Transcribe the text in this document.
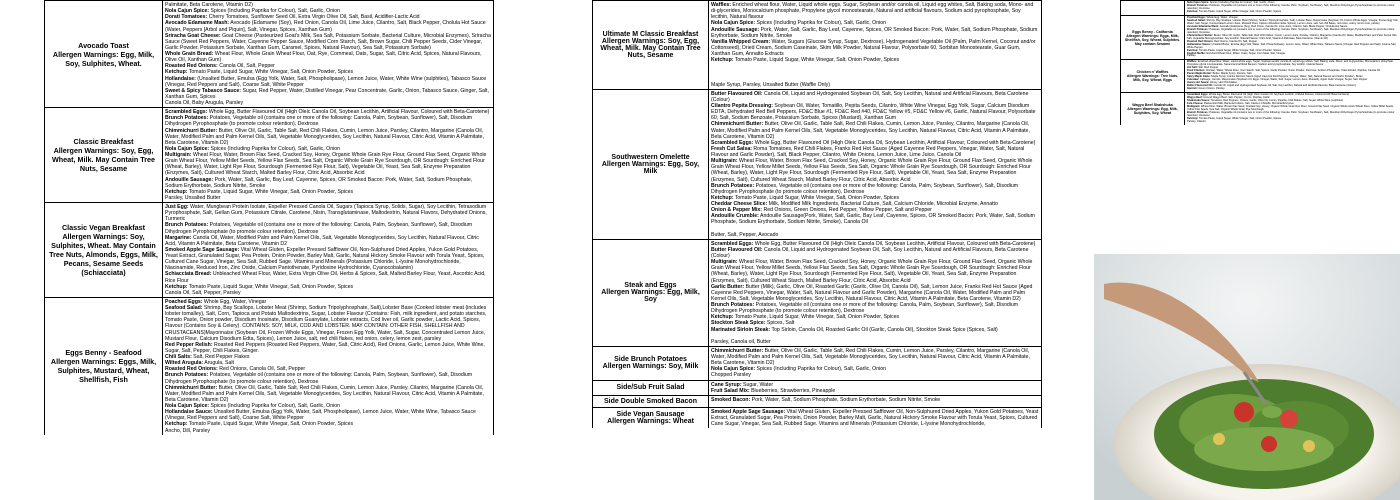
Avocado Toast
Allergen Warnings: Egg, Milk, Soy, Sulphites, Wheat.

Palmitate, Beta Carotene, Vitamin D2)

Nola Cajun Spice: Spices (Including Paprika for Colour), Salt, Garlic, Onion

Dorati Tomatoes: Cherry Tomatoes, Sunflower Seed Oil, Extra Virgin Olive Oil, Salt, Basil, Acidifier-Lactic Acid

Avocado Edamame Mash: Avocado (Edamame (Soy), Red Onion, Canola Oil, Lime Juice, Cilantro, Salt, Black Pepper, Cholula Hot Sauce (Water, Peppers [Arbol and Piquin], Salt, Vinegar, Spices, Xanthan Gum)

Sriracha Goat Cheese: Goat Cheese (Pasteurized Goat's Milk, Sea Salt, Potassium Sorbate, Bacterial Culture, Microbial Enzymes), Sriracha Sauce (Sweet Red Peppers, Water, Cayenne Pepper Sauce, Modified Corn Starch, Salt, Brown Sugar, Chili Pepper Seeds, Cider Vinegar, Garlic Powder, Potassium Sorbate, Xanthan Gum, Caramel, Spices, Natural Flavour), Sea Salt, Potassium Sorbate)

Whole Grain Bread: Wheat Flour, Whole Grain Wheat Flour, Oat, Rye, Cornmeal, Oats, Sugar, Salt, Citric Acid, Spices, Natural Flavours, Olive Oil, Xanthan Gum)

Roasted Red Onions: Canola Oil, Salt, Pepper

Ketchup: Tomato Paste, Liquid Sugar, White Vinegar, Salt, Onion Powder, Spices

Hollandaise: (Unsalted Butter, Emulsa (Egg Yolk, Water, Salt, Phospholipase), Lemon Juice, Water, White Wine (sulphites), Tabasco Sauce (Vinegar, Red Peppers and Salt), Coarse Salt, White Pepper

Sweet & Spicy Tabasco Sauce: Sugar, Red Pepper, Water, Distilled Vinegar, Pear Concentrate, Garlic, Onion, Tabasco Sauce, Ginger, Salt, Xanthan Gum, Spices

Canola Oil, Baby Arugula, Parsley

Classic Breakfast
Allergen Warnings: Soy, Egg, Wheat, Milk. May Contain Tree Nuts, Sesame

Scrambled Eggs: Whole Egg, Butter Flavoured Oil (High Oleic Canola Oil, Soybean Lecithin, Artificial Flavour, Coloured with Beta-Carotene)

Brunch Potatoes: Potatoes, Vegetable oil (contains one or more of the following: Canola, Palm, Soybean, Sunflower), Salt, Disodium Dihydrogen Pyrophosphate (to promote colour retention), Dextrose

Chimmichurri Butter: Butter, Olive Oil, Garlic, Table Salt, Red Chili Flakes, Cumin, Lemon Juice, Parsley, Cilantro, Margarine (Canola Oil, Water, Modified Palm and Palm Kernel Oils, Salt, Vegetable Monoglycerides, Soy Lecithin, Natural Flavour, Citric Acid, Vitamin A Palmitate, Beta Carotene, Vitamin D2)

Nola Cajun Spice: Spices (Including Paprika for Colour), Salt, Garlic, Onion

Multigrain: Wheat Flour, Water, Brown Flax Seed, Cracked Soy, Honey, Organic Whole Grain Rye Flour, Ground Flax Seed, Organic Whole Grain Wheat Flour, Yellow Millet Seeds, Yellow Flax Seeds, Sea Salt, Organic Whole Grain Rye Sourdough, OR Sourdough: Enriched Flour (Wheat, Barley), Water, Light Rye Flour, Sourdough (Fermented Rye Flour, Salt), Vegetable Oil, Yeast, Sea Salt, Enzyme Preparation (Enzymes, Salt), Cultured Wheat Starch, Malted Barley Flour, Citric Acid, Absorbic Acid

Andouille Sausage: Pork, Water, Salt, Garlic, Bay Leaf, Cayenne, Spices, OR Smoked Bacon: Pork, Water, Salt, Sodium Phosphate, Sodium Erythorbate, Sodium Nitrite, Smoke

Ketchup: Tomato Paste, Liquid Sugar, White Vinegar, Salt, Onion Powder, Spices

Parsley, Unsalted Butter

Classic Vegan Breakfast
Allergen Warnings: Soy, Sulphites, Wheat. May Contain Tree Nuts, Almonds, Eggs, Milk, Pecans, Sesame Seeds (Schiacciata)

Just Egg: Water, Mungbean Protein Isolate, Expeller Pressed Canola Oil, Sugars (Tapioca Syrup, Solids, Sugar), Soy Lecithin, Tetrasodium Pyrophosphate, Salt, Gellan Gum, Potassium Citrate, Carotene, Nisin, Transglutaminase, Maltodextrin, Natural Flavors, Dehydrated Onions, Turmeric

Brunch Potatoes: Potatoes, Vegetable oil (contains one or more of the following: Canola, Palm, Soybean, Sunflower), Salt, Disodium Dihydrogen Pyrophosphate (to promote colour retention), Dextrose

Margarine: Canola Oil, Water, Modified Palm and Palm Kernel Oils, Salt, Vegetable Monoglycerides, Soy Lecithin, Natural Flavour, Citric Acid, Vitamin A Palmitate, Beta Carotene, Vitamin D2

Smoked Apple Sage Sausage: Vital Wheat Gluten, Expeller Pressed Safflower Oil, Non-Sulphured Dried Apples, Yukon Gold Potatoes, Yeast Extract, Granulated Sugar, Pea Protein, Onion Powder, Barley Malt, Garlic, Natural Hickory Smoke Flavour with Torula Yeast, Spices, Cultured Cane Sugar, Vinegar, Sea Salt, Rubbed Sage. Vitamins and Minerals (Potassium Chloride, L-lysine Monohydrochloride, Niacinamide, Reduced Iron, Zinc Oxide, Calcium Pantothenate, Pyridoxine Hydrochloride, Cyanocobalamin)

Schiacciata Bread: Unbleached Wheat Flour, Water, Extra Virgin Olive Oil, Herbs & Spices, Salt, Malted Barley Flour, Yeast, Ascorbic Acid, Rice Flour

Ketchup: Tomato Paste, Liquid Sugar, White Vinegar, Salt, Onion Powder, Spices

Canola Oil, Salt, Pepper, Parsley

Eggs Benny - Seafood
Allergen Warnings: Eggs, Milk, Sulphites, Mustard, Wheat, Shellfish, Fish

Poached Eggs: Whole Egg, Water, Vinegar

Seafood Salad: Shrimp, Bay Scallops, Lobster Meat (Shrimp, Sodium Tripolyphosphate, Salt),Lobster Base (Cooked lobster meat (includes lobster tomalley), Salt, Corn, Tapioca and Potato Maltodextrins, Sugar, Lobster Flavour (Contains: Fish, milk ingredient, and potato starches, Tomato Paste, Onion powder, Disodium Inosinate, Disodium Guanylate, Lobster extracts, Cod liver oil, Garlic powder, Lactic Acid, Spices, Flavour (Contains Soy & Celery). CONTAINS: SOY, MILK, COD AND LOBSTER. MAY CONTAIN: OTHER FISH, SHELLFISH AND CRUSTACEANS)Mayonnaise (Soybean Oil, Frozen Whole Eggs, Vinegar, Frozen Egg Yolk, Water, Salt, Sugar, Concentrated Lemon Juice, Mustard Flour, Calcium Disodium Edta, Spices), Lemon Juice, salt, red chili flakes, red onion, celery, lemon zest, parsley

Red Pepper Relish: Roasted Red Peppers (Roasted Red Peppers, Water, Salt, Citric Acid), Red Onions, Garlic, Lemon Juice, White Wine, Sugar, Salt, Pepper, Chili Flakes, Ginger.

Chili Salts: Salt, Red Pepper Flakes

Wilted Arugula: Arugula, Salt

Roasted Red Onions: Red Onions, Canola Oil, Salt, Pepper

Brunch Potatoes: Potatoes, Vegetable oil (contains one or more of the following: Canola, Palm, Soybean, Sunflower), Salt, Disodium Dihydrogen Pyrophosphate (to promote colour retention), Dextrose

Chimmichurri Butter: Butter, Olive Oil, Garlic, Table Salt, Red Chili Flakes, Cumin, Lemon Juice, Parsley, Cilantro, Margarine (Canola Oil, Water, Modified Palm and Palm Kernel Oils, Salt, Vegetable Monoglycerides, Soy Lecithin, Natural Flavour, Citric Acid, Vitamin A Palmitate, Beta Carotene, Vitamin D2)

Nola Cajun Spice: Spices (Including Paprika for Colour), Salt, Garlic, Onion

Hollandaise Sauce: Unsalted Butter, Emulsa (Egg Yolk, Water, Salt, Phospholipase), Lemon Juice, Water, White Wine, Tabasco Sauce (Vinegar, Red Peppers and Salt), Coarse Salt, White Pepper

Ketchup: Tomato Paste, Liquid Sugar, White Vinegar, Salt, Onion Powder, Spices

Ancho, Dill, Parsley

Ultimate M Classic Breakfast
Allergen Warnings: Soy, Egg, Wheat, Milk. May Contain Tree Nuts, Sesame

Waffles: Enriched wheat flour, Water, Liquid whole eggs, Sugar, Soybean and/or canola oil, Liquid egg whites, Salt, Baking soda, Mono- and di-glycerides, Monocalcium phosphate, Propylene glycol monostearate, Natural and artificial flavours, Sodium acid pyrophosphate, Soy lecithin, Natural flavour

Nola Cajun Spice: Spices (Including Paprika for Colour), Salt, Garlic, Onion

Andouille Sausage: Pork, Water, Salt, Garlic, Bay Leaf, Cayenne, Spices, OR Smoked Bacon: Pork, Water, Salt, Sodium Phosphate, Sodium Erythorbate, Sodium Nitrite, Smoke

Vanilla Whipped Cream: Water, Sugars (Glucose Syrup, Sugar, Dextrose), Hydrogenated Vegetable Oil (Palm, Palm Kernel, Coconut and/or Cottonseed), Dried Cream, Sodium Caseinate, Skim Milk Powder, Natural Flavour, Polysorbate 60, Sorbitan Monostearate, Guar Gum, Xanthan Gum, Annatto Extracts

Ketchup: Tomato Paste, Liquid Sugar, White Vinegar, Salt, Onion Powder, Spices

Maple Syrup, Parsley, Unsalted Butter (Waffle Only)

Southwestern Omelette
Allergen Warnings: Egg, Soy, Milk

Butter Flavoured Oil: Canola Oil, Liquid and Hydrogenated Soybean Oil, Salt, Soy Lecithin, Natural and Artificial Flavours, Beta Carotene (Colour)

Cilantro Pepita Dressing: Soybean Oil, Water, Tomatillo, Pepita Seeds, Cilantro, White Wine Vinegar, Egg Yolk, Sugar, Calcium Disodium EDTA, Dehydrated Red Bell Peppers, FD&C Blue #1, FD&C Red #40, FD&C Yellow #5, FD&C Yellow #6, Garlic, Natural Flavour, Polysorbate 60, Salt, Sodium Benzoate, Potassium Sorbate, Spices (Mustard), Xanthan Gum

Chimmichurri Butter: Butter, Olive Oil, Garlic, Table Salt, Red Chili Flakes, Cumin, Lemon Juice, Parsley, Cilantro, Margarine (Canola Oil, Water, Modified Palm and Palm Kernel Oils, Salt, Vegetable Monoglycerides, Soy Lecithin, Natural Flavour, Citric Acid, Vitamin A Palmitate, Beta Carotene, Vitamin D2)

Scrambled Eggs: Whole Egg, Butter Flavoured Oil (High Oleic Canola Oil, Soybean Lecithin, Artificial Flavour, Coloured with Beta-Carotene)

Fresh Cut Salsa: Roma Tomatoes, Red Chili Flakes, Franks Red Hot Sauce (Aged Cayenne Red Peppers, Vinegar, Water, Salt, Natural Flavour and Garlic Powder), Salt, Black Pepper, Cilantro, White Onions, Lemon Juice, Lime Juice, Canola Oil

Multigrain: Wheat Flour, Water, Brown Flax Seed, Cracked Soy, Honey, Organic Whole Grain Rye Flour, Ground Flax Seed, Organic Whole Grain Wheat Flour, Yellow Millet Seeds, Yellow Flax Seeds, Sea Salt, Organic Whole Grain Rye Sourdough, OR Sourdough: Enriched Flour (Wheat, Barley), Water, Light Rye Flour, Sourdough (Fermented Rye Flour, Salt), Vegetable Oil, Yeast, Sea Salt, Enzyme Preparation (Enzymes, Salt), Cultured Wheat Starch, Malted Barley Flour, Citric Acid, Absorbic Acid

Brunch Potatoes: Potatoes, Vegetable oil (contains one or more of the following: Canola, Palm, Soybean, Sunflower), Salt, Disodium Dihydrogen Pyrophosphate (to promote colour retention), Dextrose

Ketchup: Tomato Paste, Liquid Sugar, White Vinegar, Salt, Onion Powder, Spices

Cheddar Cheese Slice: Milk, Modified Milk Ingredients, Bacterial Culture, Salt, Calcium Chloride, Microbial Enzyme, Annatto

Onion & Pepper Mix: Red Onions, Green Onions, Red Pepper, Yellow Pepper, Salt and Pepper

Andouille Crumble: Andouille Sausage(Pork, Water, Salt, Garlic, Bay Leaf, Cayenne, Spices, OR Smoked Bacon: Pork, Water, Salt, Sodium Phosphate, Sodium Erythorbate, Sodium Nitrite, Smoke), Canola Oil

Butter, Salt, Pepper, Avocado

Steak and Eggs
Allergen Warnings: Egg, Milk, Soy

Scrambled Eggs: Whole Egg, Butter Flavoured Oil (High Oleic Canola Oil, Soybean Lecithin, Artificial Flavour, Coloured with Beta-Carotene)

Butter Flavoured Oil: Canola Oil, Liquid and Hydrogenated Soybean Oil, Salt, Soy Lecithin, Natural and Artificial Flavours, Beta Carotene (Colour)

Multigrain: Wheat Flour, Water, Brown Flax Seed, Cracked Soy, Honey, Organic Whole Grain Rye Flour, Ground Flax Seed, Organic Whole Grain Wheat Flour, Yellow Millet Seeds, Yellow Flax Seeds, Sea Salt, Organic Whole Grain Rye Sourdough, OR Sourdough: Enriched Flour (Wheat, Barley), Water, Light Rye Flour, Sourdough (Fermented Rye Flour, Salt), Vegetable Oil, Yeast, Sea Salt, Enzyme Preparation (Enzymes, Salt), Cultured Wheat Starch, Malted Barley Flour, Citric Acid, Absorbic Acid

Garlic Butter: Butter (Milk), Garlic, Olive Oil, Roasted Garlic (Garlic, Olive Oil, Canola Oil), Salt, Lemon Juice, Franks Red Hot Sauce (Aged Cayenne Red Peppers, Vinegar, Water, Salt, Natural Flavour and Garlic Powder), Margarine (Canola Oil, Water, Modified Palm and Palm Kernel Oils, Salt, Vegetable Monoglycerides, Soy Lecithin, Natural Flavour, Citric Acid, Vitamin A Palmitate, Beta Carotene, Vitamin D2)

Brunch Potatoes: Potatoes, Vegetable oil (contains one or more of the following: Canola, Palm, Soybean, Sunflower), Salt, Disodium Dihydrogen Pyrophosphate (to promote colour retention), Dextrose

Ketchup: Tomato Paste, Liquid Sugar, White Vinegar, Salt, Onion Powder, Spices

Stockton Steak Spice: Spices, Salt

Marinated Sirloin Steak: Top Sirloin, Canola Oil, Roasted Garlic Oil (Garlic, Canola Oil), Stockton Steak Spice (Spices, Salt)

Parsley, Canola oil, Butter

Side Brunch Potatoes
Allergen Warnings: Soy, Milk

Chimmichurri Butter: Butter, Olive Oil, Garlic, Table Salt, Red Chili Flakes, Cumin, Lemon Juice, Parsley, Cilantro, Margarine (Canola Oil, Water, Modified Palm and Palm Kernel Oils, Salt, Vegetable Monoglycerides, Soy Lecithin, Natural Flavour, Citric Acid, Vitamin A Palmitate, Beta Carotene, Vitamin D2)

Nola Cajun Spice: Spices (Including Paprika for Colour), Salt, Garlic, Onion

Chopped Parsley

Side/Sub Fruit Salad	Cane Syrup: Sugar, Water

Fruit Salad Mix: Blueberries, Strawberries, Pineapple

Side Double Smoked Bacon	Smoked Bacon: Pork, Water, Salt, Sodium Phosphate, Sodium Erythorbate, Sodium Nitrite, Smoke

Side Vegan Sausage
Allergen Warnings: Wheat

Smoked Apple Sage Sausage: Vital Wheat Gluten, Expeller Pressed Safflower Oil, Non-Sulphured Dried Apples, Yukon Gold Potatoes, Yeast Extract, Granulated Sugar, Pea Protein, Onion Powder, Barley Malt, Garlic, Natural Hickory Smoke Flavour with Torula Yeast, Spices, Cultured Cane Sugar, Vinegar, Sea Salt, Rubbed Sage. Vitamins and Minerals (Potassium Chloride, L-lysine Monohydrochloride,

Nola Cajun Spice: Spices (Including Paprika for Colour), Salt, Garlic, Onion

Brunch Potatoes: Potatoes, Vegetable oil (contains one or more of the following: Canola, Palm, Soybean, Sunflower), Salt, Disodium Dihydrogen Pyrophosphate (to promote colour retention), Dextrose

Ketchup: Tomato Paste, Liquid Sugar, White Vinegar, Salt, Onion Powder, Spices

Eggs Benny - California
Allergen Warnings: Eggs, Milk, Shellfish, Soy, Wheat, Sulphites. May contain Sesame

Poached Eggs: Whole Egg, Water, Vinegar

Seafood Salad: Shrimp, Bay Scallops, Lobster Meat (Shrimp, Sodium Tripolyphosphate, Salt), Lobster Base, Mayonnaise (Soybean Oil, Frozen Whole Eggs, Vinegar, Frozen Egg Yolk, Water, Salt, Sugar, Concentrated Lemon Juice, Mustard Flour, Calcium Disodium Edta, Spices), Lemon Juice, salt, red chili flakes, red onion, celery, lemon zest, parsley

Avocado Edamame Mash: Avocado (Edamame (Soy), Red Onion, Canola Oil, Lime Juice, Cilantro, Salt, Black Pepper, Cholula Hot Sauce

Brunch Potatoes: Potatoes, Vegetable oil (contains one or more of the following: Canola, Palm, Soybean, Sunflower), Salt, Disodium Dihydrogen Pyrophosphate (to promote colour retention), Dextrose

Chimmichurri Butter: Butter, Olive Oil, Garlic, Table Salt, Red Chili Flakes, Cumin, Lemon Juice, Parsley, Cilantro, Margarine (Canola Oil, Water, Modified Palm and Palm Kernel Oils, Salt, Vegetable Monoglycerides, Soy Lecithin, Natural Flavour, Citric Acid, Vitamin A Palmitate, Beta Carotene, Vitamin D2)

Roasted Red Onions: Red Onions, Canola Oil, Salt, Pepper

Hollandaise Sauce: Unsalted Butter, Emulsa (Egg Yolk, Water, Salt, Phospholipase), Lemon Juice, Water, White Wine, Tabasco Sauce (Vinegar, Red Peppers and Salt), Coarse Salt, White Pepper

Ketchup: Tomato Paste, Liquid Sugar, White Vinegar, Salt, Onion Powder, Spices

English Muffin: Enriched Wheat Flour, Water, Yeast, Sugar, Corn Meal, Salt, Vinegar

Parsley

Chicken n' Waffles
Allergen Warnings: Tree Nuts, Milk, Soy, Wheat, Eggs

Waffles: Enriched wheat flour, Water, Liquid whole eggs, Sugar, Soybean and/or canola oil, Liquid egg whites, Salt, Baking soda, Mono- and di-glycerides, Monocalcium phosphate, Propylene glycol monostearate, Natural and artificial flavours, Sodium acid pyrophosphate, Soy lecithin, Natural flavour

Hot Salt: Salt, Red Pepper

Fried Chicken: Chicken, Water, Wheat Flour, Corn Starch, Salt, Spices, Garlic Powder, Onion Powder, Dextrose, Sodium Phosphate, Yeast Extract, Paprika, Canola Oil

Pecan Maple Butter: Butter, Maple Syrup, Pecans, Salt

Spicy Maple Glaze: Maple Syrup, Franks Red Hot Sauce (Aged Cayenne Red Peppers, Vinegar, Water, Salt, Natural Flavour and Garlic Powder), Butter

Coleslaw: Cabbage, Carrots, Mayonnaise (Soybean Oil, Eggs, Vinegar, Water, Salt, Sugar, Lemon Juice, Mustard), Apple Cider Vinegar, Sugar, Salt, Pepper

Honey Hot Sauce: Honey, Hot Chili Flakes

Butter Flavoured Oil: Canola Oil, Liquid and Hydrogenated Soybean Oil, Salt, Soy Lecithin, Natural and Artificial Flavours, Beta Carotene (Colour)

Garnish: Green Onions, Parsley

Wagyu Beef Shakshuka
Allergen Warnings: Egg, Milk, Sulphites, Soy, Wheat

Scrambled Eggs: Whole Egg, Butter Flavoured Oil (High Oleic Canola Oil, Soybean Lecithin, Artificial Flavour, Coloured with Beta-Carotene)

Wagyu Beef: Ground Wagyu Beef, Salt, Pepper, Cumin, Paprika, Garlic

Shakshuka Sauce: Tomatoes, Red Peppers, Onions, Garlic, Olive Oil, Cumin, Paprika, Chili Flakes, Salt, Sugar, White Wine (sulphites)

Feta Cheese: Pasteurized Milk, Bacterial Culture, Salt, Calcium Chloride, Microbial Enzymes

Multigrain: Wheat Flour, Water, Brown Flax Seed, Cracked Soy, Honey, Organic Whole Grain Rye Flour, Ground Flax Seed, Organic Whole Grain Wheat Flour, Yellow Millet Seeds, Yellow Flax Seeds, Sea Salt, Organic Whole Grain Rye Sourdough

Brunch Potatoes: Potatoes, Vegetable oil (contains one or more of the following: Canola, Palm, Soybean, Sunflower), Salt, Disodium Dihydrogen Pyrophosphate (to promote colour retention), Dextrose

Ketchup: Tomato Paste, Liquid Sugar, White Vinegar, Salt, Onion Powder, Spices

Parsley, Cilantro
